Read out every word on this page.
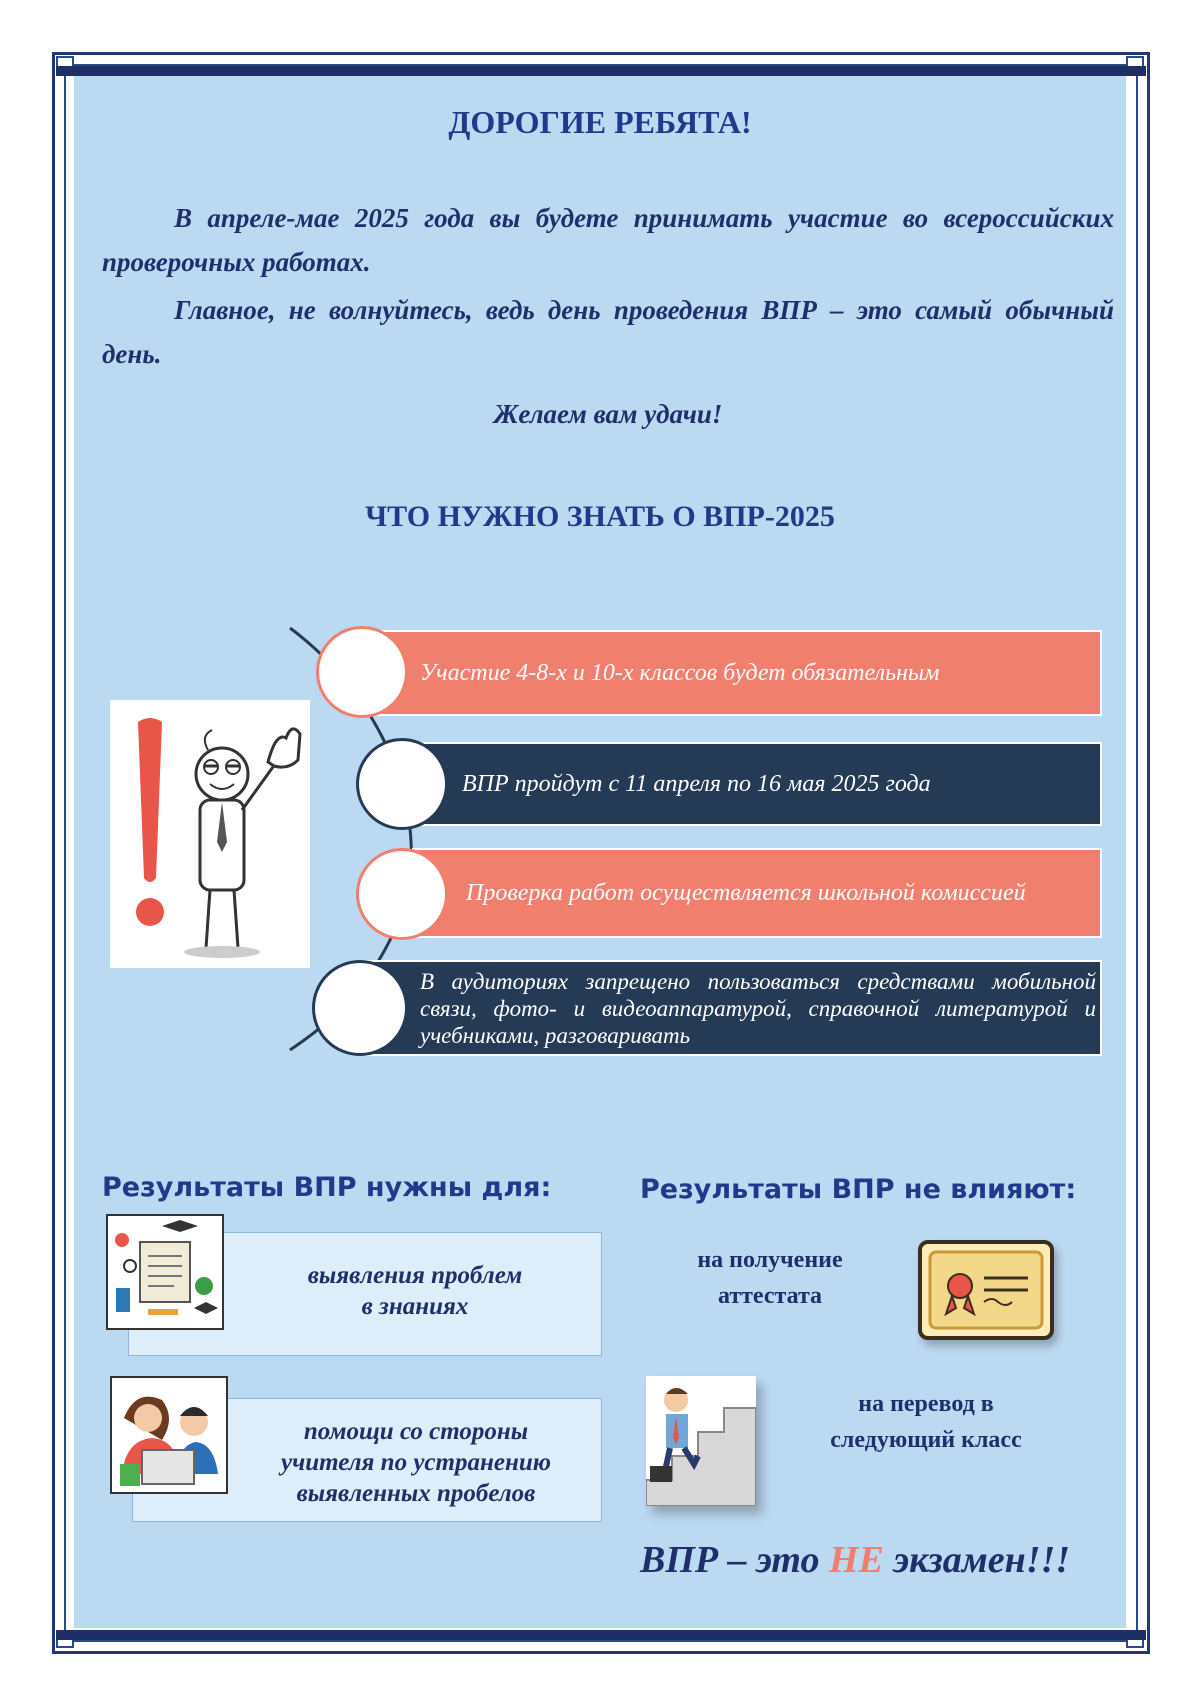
ДОРОГИЕ РЕБЯТА!
В апреле-мае 2025 года вы будете принимать участие во всероссийских проверочных работах.
Главное, не волнуйтесь, ведь день проведения ВПР – это самый обычный день.
Желаем вам удачи!
ЧТО НУЖНО ЗНАТЬ О ВПР-2025
Участие 4-8-х и 10-х классов будет обязательным
ВПР пройдут с 11 апреля по 16 мая 2025 года
Проверка работ осуществляется школьной комиссией
В аудиториях запрещено пользоваться средствами мобильной связи, фото- и видеоаппаратурой, справочной литературой и учебниками, разговаривать
Результаты ВПР нужны для:	Результаты ВПР не влияют:
выявления проблем
в знаниях
помощи со стороны
учителя по устранению
выявленных пробелов
на получение
аттестата
на перевод в
следующий класс
ВПР – это НЕ экзамен!!!
